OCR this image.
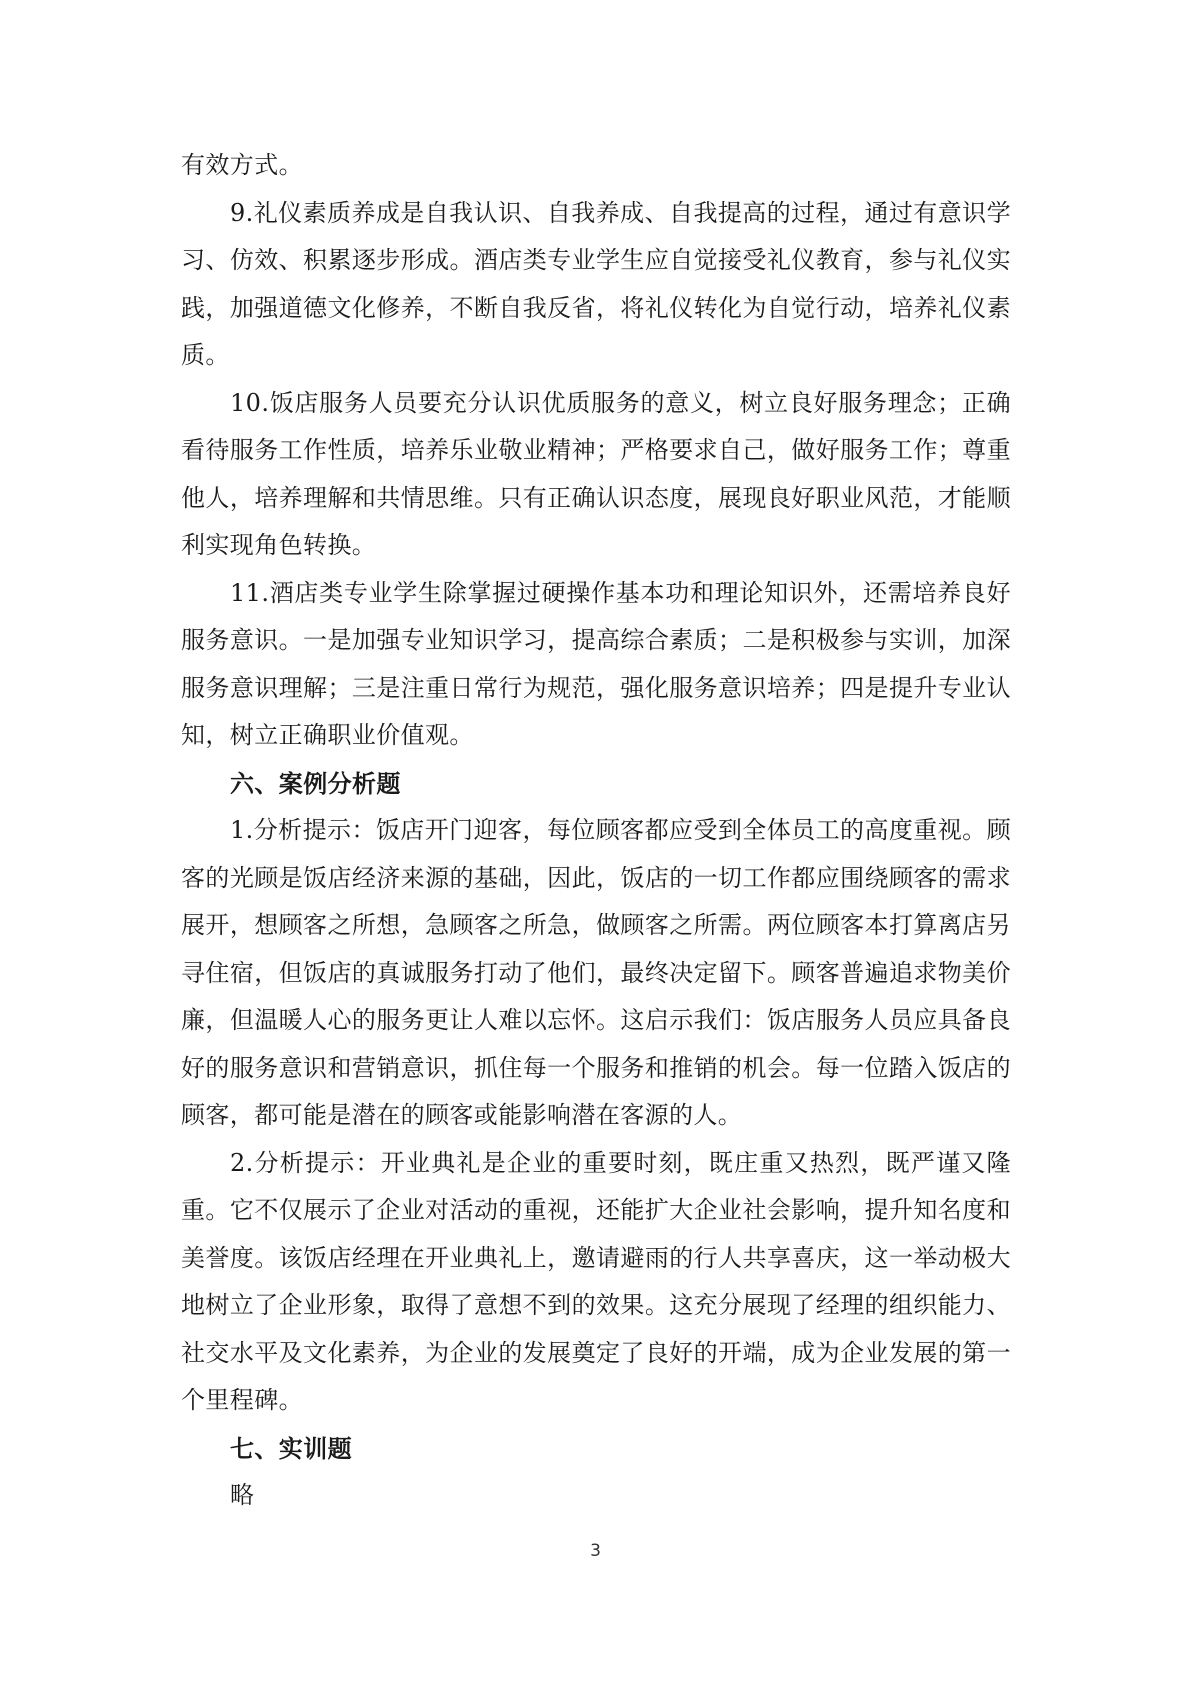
有效方式。

9.礼仪素质养成是自我认识、自我养成、自我提高的过程，通过有意识学习、仿效、积累逐步形成。酒店类专业学生应自觉接受礼仪教育，参与礼仪实践，加强道德文化修养，不断自我反省，将礼仪转化为自觉行动，培养礼仪素质。

10.饭店服务人员要充分认识优质服务的意义，树立良好服务理念；正确看待服务工作性质，培养乐业敬业精神；严格要求自己，做好服务工作；尊重他人，培养理解和共情思维。只有正确认识态度，展现良好职业风范，才能顺利实现角色转换。

11.酒店类专业学生除掌握过硬操作基本功和理论知识外，还需培养良好服务意识。一是加强专业知识学习，提高综合素质；二是积极参与实训，加深服务意识理解；三是注重日常行为规范，强化服务意识培养；四是提升专业认知，树立正确职业价值观。

六、案例分析题

1.分析提示：饭店开门迎客，每位顾客都应受到全体员工的高度重视。顾客的光顾是饭店经济来源的基础，因此，饭店的一切工作都应围绕顾客的需求展开，想顾客之所想，急顾客之所急，做顾客之所需。两位顾客本打算离店另寻住宿，但饭店的真诚服务打动了他们，最终决定留下。顾客普遍追求物美价廉，但温暖人心的服务更让人难以忘怀。这启示我们：饭店服务人员应具备良好的服务意识和营销意识，抓住每一个服务和推销的机会。每一位踏入饭店的顾客，都可能是潜在的顾客或能影响潜在客源的人。

2.分析提示：开业典礼是企业的重要时刻，既庄重又热烈，既严谨又隆重。它不仅展示了企业对活动的重视，还能扩大企业社会影响，提升知名度和美誉度。该饭店经理在开业典礼上，邀请避雨的行人共享喜庆，这一举动极大地树立了企业形象，取得了意想不到的效果。这充分展现了经理的组织能力、社交水平及文化素养，为企业的发展奠定了良好的开端，成为企业发展的第一个里程碑。

七、实训题

略

3
